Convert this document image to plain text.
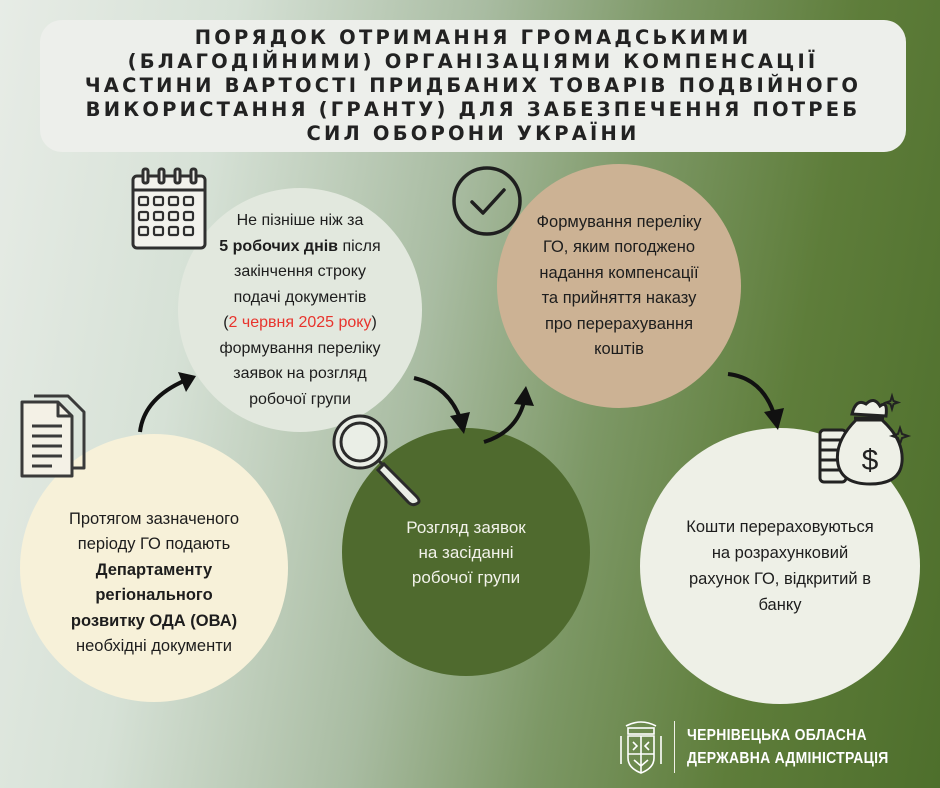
ПОРЯДОК ОТРИМАННЯ ГРОМАДСЬКИМИ
(БЛАГОДІЙНИМИ) ОРГАНІЗАЦІЯМИ КОМПЕНСАЦІЇ
ЧАСТИНИ ВАРТОСТІ ПРИДБАНИХ ТОВАРІВ ПОДВІЙНОГО
ВИКОРИСТАННЯ (ГРАНТУ) ДЛЯ ЗАБЕЗПЕЧЕННЯ ПОТРЕБ
СИЛ ОБОРОНИ УКРАЇНИ
Протягом зазначеного
періоду ГО подають
Департаменту
регіонального
розвитку ОДА (ОВА)
необхідні документи
Не пізніше ніж за
5 робочих днів після
закінчення строку
подачі документів
(2 червня 2025 року)
формування переліку
заявок на розгляд
робочої групи
Розгляд заявок
на засіданні
робочої групи
Формування переліку
ГО, яким погоджено
надання компенсації
та прийняття наказу
про перерахування
коштів
Кошти перераховуються
на розрахунковий
рахунок ГО, відкритий в
банку
$
ЧЕРНІВЕЦЬКА ОБЛАСНА
ДЕРЖАВНА АДМІНІСТРАЦІЯ
